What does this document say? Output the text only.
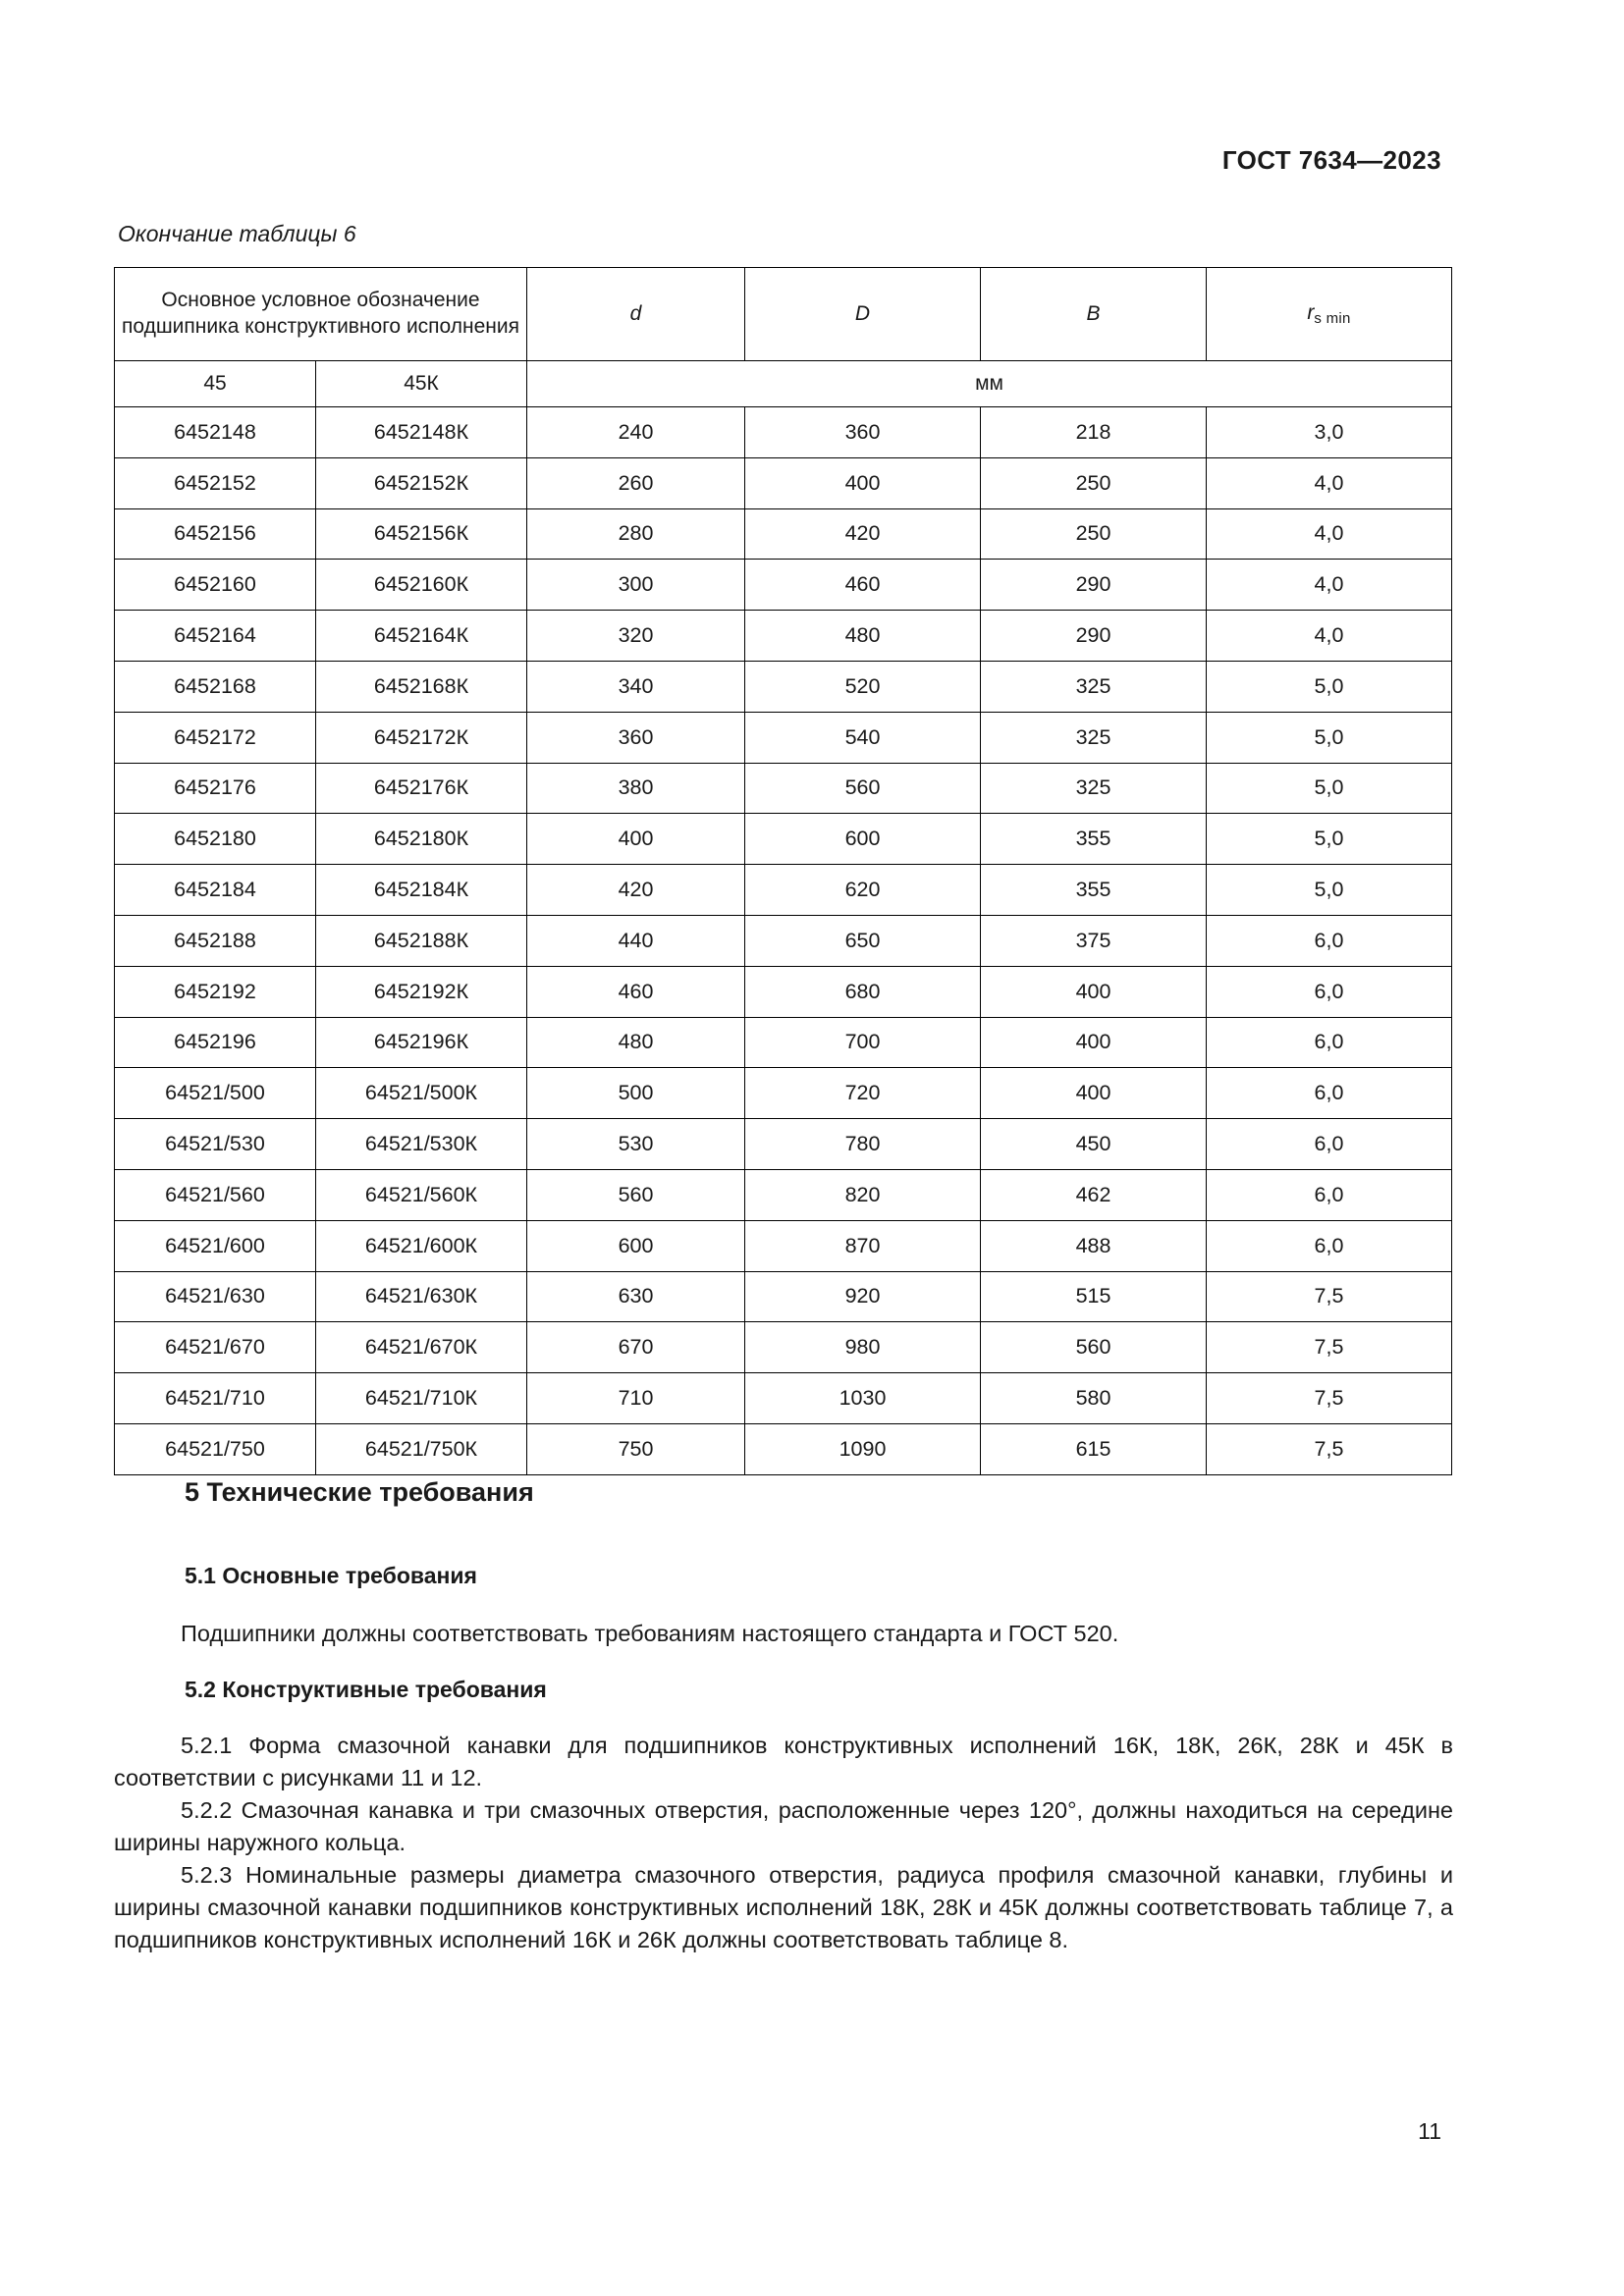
ГОСТ 7634—2023
Окончание таблицы 6
Основное условное обозначение подшипника конструктивного исполнения		d	D	B	$r_{s min}$
45	45К	мм			
6452148	6452148К	240	360	218	3,0
6452152	6452152К	260	400	250	4,0
6452156	6452156К	280	420	250	4,0
6452160	6452160К	300	460	290	4,0
6452164	6452164К	320	480	290	4,0
6452168	6452168К	340	520	325	5,0
6452172	6452172К	360	540	325	5,0
6452176	6452176К	380	560	325	5,0
6452180	6452180К	400	600	355	5,0
6452184	6452184К	420	620	355	5,0
6452188	6452188К	440	650	375	6,0
6452192	6452192К	460	680	400	6,0
6452196	6452196К	480	700	400	6,0
64521/500	64521/500К	500	720	400	6,0
64521/530	64521/530К	530	780	450	6,0
64521/560	64521/560К	560	820	462	6,0
64521/600	64521/600К	600	870	488	6,0
64521/630	64521/630К	630	920	515	7,5
64521/670	64521/670К	670	980	560	7,5
64521/710	64521/710К	710	1030	580	7,5
64521/750	64521/750К	750	1090	615	7,5
5 Технические требования
5.1 Основные требования
Подшипники должны соответствовать требованиям настоящего стандарта и ГОСТ 520.
5.2 Конструктивные требования

5.2.1 Форма смазочной канавки для подшипников конструктивных исполнений 16К, 18К, 26К, 28К и 45К в соответствии с рисунками 11 и 12.

5.2.2 Смазочная канавка и три смазочных отверстия, расположенные через 120°, должны находиться на середине ширины наружного кольца.

5.2.3 Номинальные размеры диаметра смазочного отверстия, радиуса профиля смазочной канавки, глубины и ширины смазочной канавки подшипников конструктивных исполнений 18К, 28К и 45К должны соответствовать таблице 7, а подшипников конструктивных исполнений 16К и 26К должны соответствовать таблице 8.

11
